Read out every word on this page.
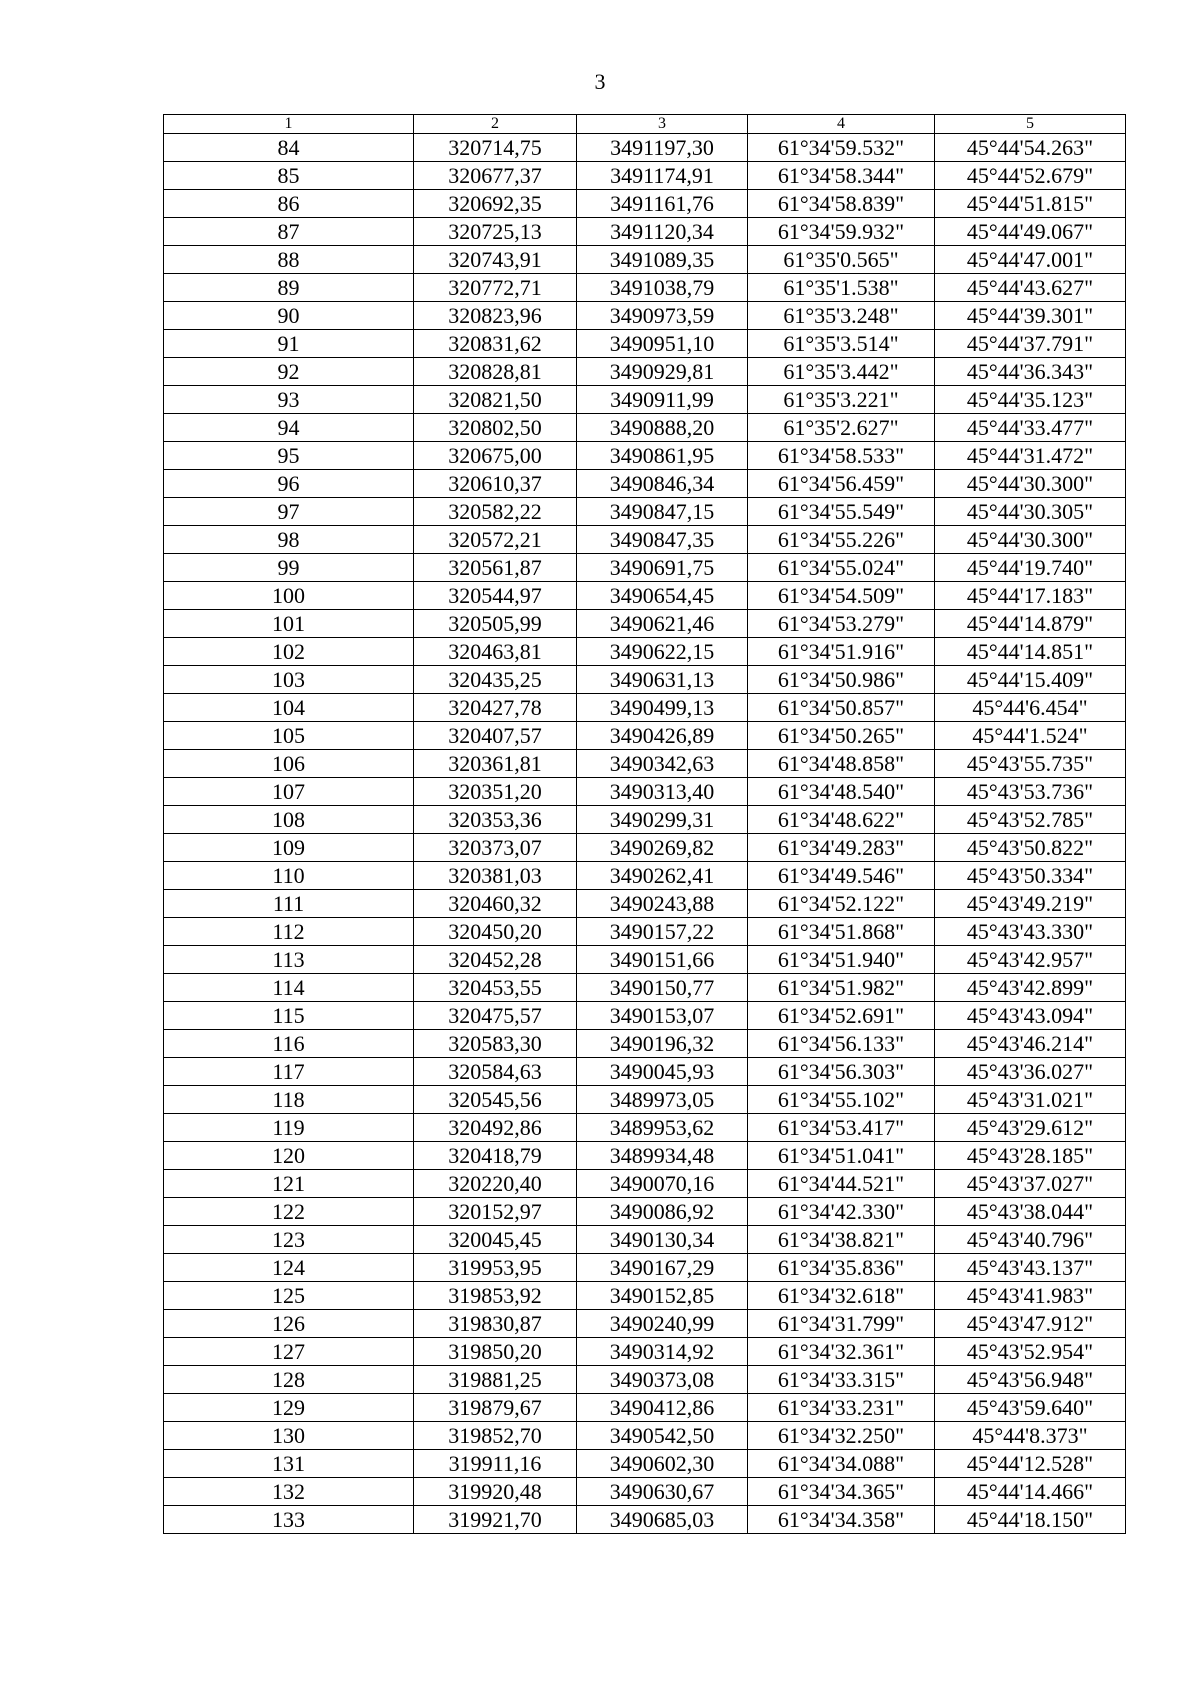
3
1	2	3	4	5
84	320714,75	3491197,30	61°34'59.532"	45°44'54.263"
85	320677,37	3491174,91	61°34'58.344"	45°44'52.679"
86	320692,35	3491161,76	61°34'58.839"	45°44'51.815"
87	320725,13	3491120,34	61°34'59.932"	45°44'49.067"
88	320743,91	3491089,35	61°35'0.565"	45°44'47.001"
89	320772,71	3491038,79	61°35'1.538"	45°44'43.627"
90	320823,96	3490973,59	61°35'3.248"	45°44'39.301"
91	320831,62	3490951,10	61°35'3.514"	45°44'37.791"
92	320828,81	3490929,81	61°35'3.442"	45°44'36.343"
93	320821,50	3490911,99	61°35'3.221"	45°44'35.123"
94	320802,50	3490888,20	61°35'2.627"	45°44'33.477"
95	320675,00	3490861,95	61°34'58.533"	45°44'31.472"
96	320610,37	3490846,34	61°34'56.459"	45°44'30.300"
97	320582,22	3490847,15	61°34'55.549"	45°44'30.305"
98	320572,21	3490847,35	61°34'55.226"	45°44'30.300"
99	320561,87	3490691,75	61°34'55.024"	45°44'19.740"
100	320544,97	3490654,45	61°34'54.509"	45°44'17.183"
101	320505,99	3490621,46	61°34'53.279"	45°44'14.879"
102	320463,81	3490622,15	61°34'51.916"	45°44'14.851"
103	320435,25	3490631,13	61°34'50.986"	45°44'15.409"
104	320427,78	3490499,13	61°34'50.857"	45°44'6.454"
105	320407,57	3490426,89	61°34'50.265"	45°44'1.524"
106	320361,81	3490342,63	61°34'48.858"	45°43'55.735"
107	320351,20	3490313,40	61°34'48.540"	45°43'53.736"
108	320353,36	3490299,31	61°34'48.622"	45°43'52.785"
109	320373,07	3490269,82	61°34'49.283"	45°43'50.822"
110	320381,03	3490262,41	61°34'49.546"	45°43'50.334"
111	320460,32	3490243,88	61°34'52.122"	45°43'49.219"
112	320450,20	3490157,22	61°34'51.868"	45°43'43.330"
113	320452,28	3490151,66	61°34'51.940"	45°43'42.957"
114	320453,55	3490150,77	61°34'51.982"	45°43'42.899"
115	320475,57	3490153,07	61°34'52.691"	45°43'43.094"
116	320583,30	3490196,32	61°34'56.133"	45°43'46.214"
117	320584,63	3490045,93	61°34'56.303"	45°43'36.027"
118	320545,56	3489973,05	61°34'55.102"	45°43'31.021"
119	320492,86	3489953,62	61°34'53.417"	45°43'29.612"
120	320418,79	3489934,48	61°34'51.041"	45°43'28.185"
121	320220,40	3490070,16	61°34'44.521"	45°43'37.027"
122	320152,97	3490086,92	61°34'42.330"	45°43'38.044"
123	320045,45	3490130,34	61°34'38.821"	45°43'40.796"
124	319953,95	3490167,29	61°34'35.836"	45°43'43.137"
125	319853,92	3490152,85	61°34'32.618"	45°43'41.983"
126	319830,87	3490240,99	61°34'31.799"	45°43'47.912"
127	319850,20	3490314,92	61°34'32.361"	45°43'52.954"
128	319881,25	3490373,08	61°34'33.315"	45°43'56.948"
129	319879,67	3490412,86	61°34'33.231"	45°43'59.640"
130	319852,70	3490542,50	61°34'32.250"	45°44'8.373"
131	319911,16	3490602,30	61°34'34.088"	45°44'12.528"
132	319920,48	3490630,67	61°34'34.365"	45°44'14.466"
133	319921,70	3490685,03	61°34'34.358"	45°44'18.150"
